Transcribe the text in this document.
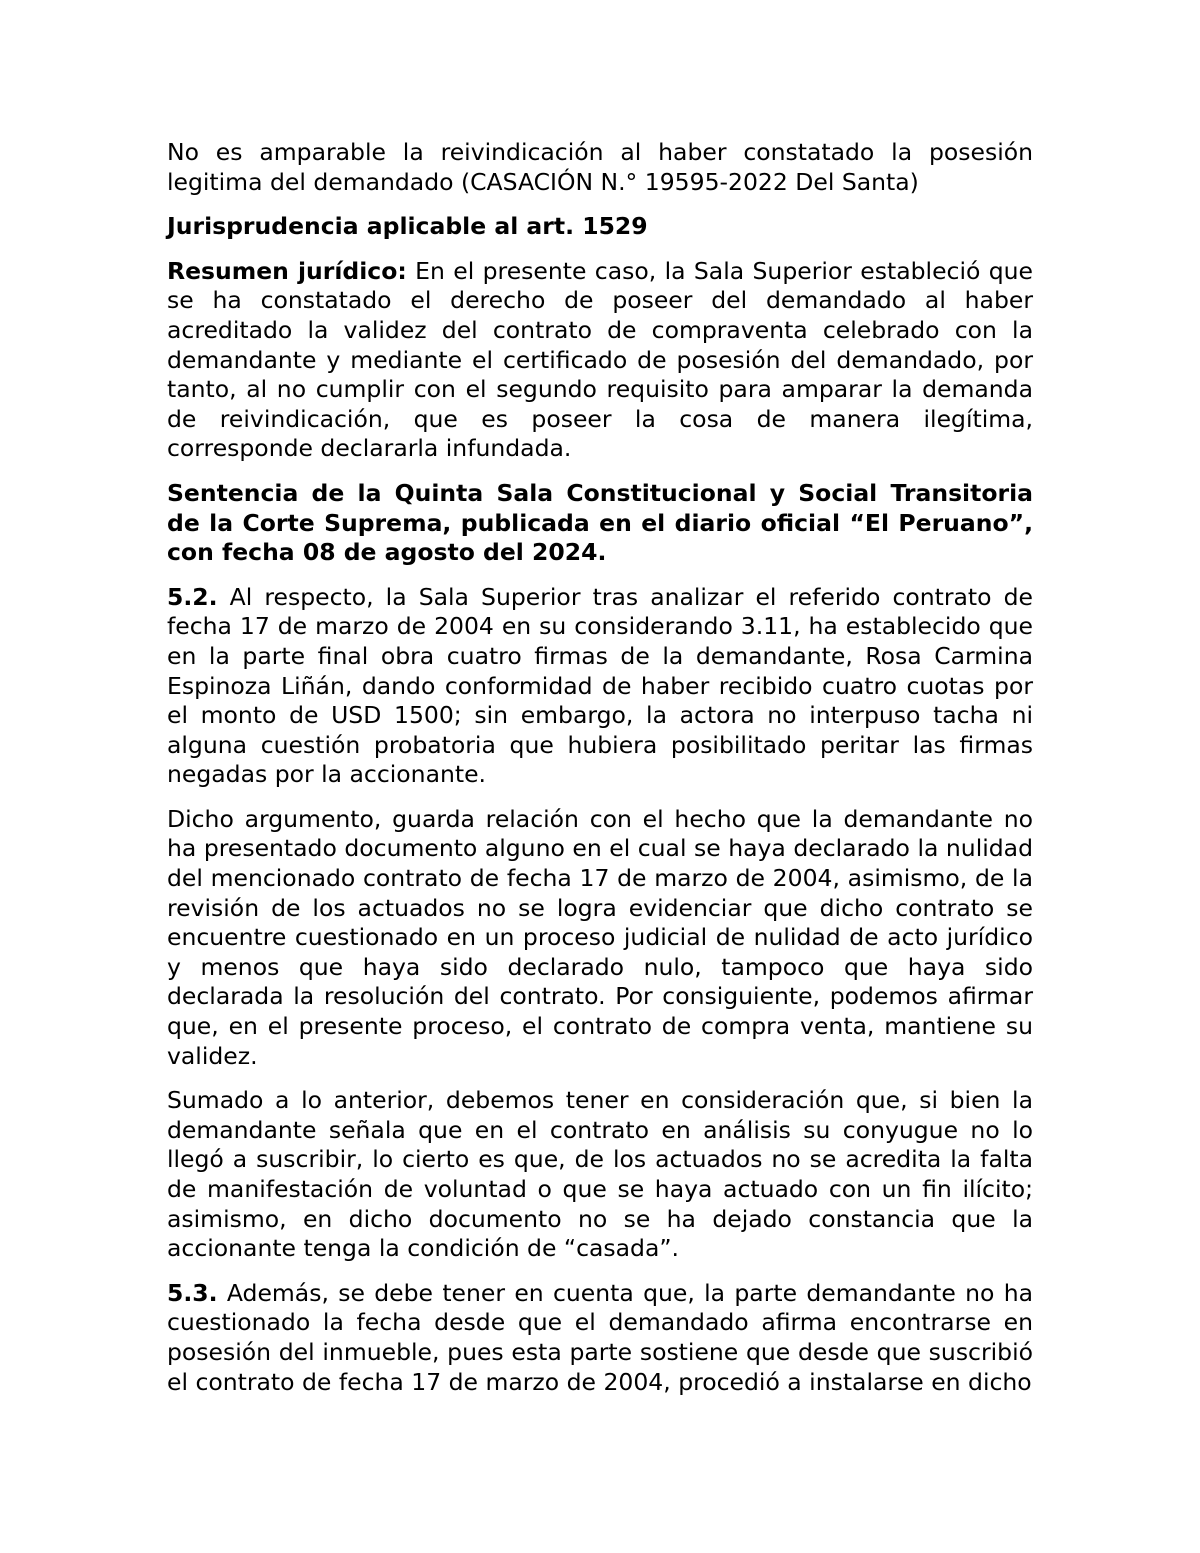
No es amparable la reivindicación al haber constatado la posesión legitima del demandado (CASACIÓN N.° 19595-2022 Del Santa)

Jurisprudencia aplicable al art. 1529

Resumen jurídico: En el presente caso, la Sala Superior estableció que se ha constatado el derecho de poseer del demandado al haber acreditado la validez del contrato de compraventa celebrado con la demandante y mediante el certificado de posesión del demandado, por tanto, al no cumplir con el segundo requisito para amparar la demanda de reivindicación, que es poseer la cosa de manera ilegítima, corresponde declararla infundada.

Sentencia de la Quinta Sala Constitucional y Social Transitoria de la Corte Suprema, publicada en el diario oficial “El Peruano”, con fecha 08 de agosto del 2024.

5.2. Al respecto, la Sala Superior tras analizar el referido contrato de fecha 17 de marzo de 2004 en su considerando 3.11, ha establecido que en la parte final obra cuatro firmas de la demandante, Rosa Carmina Espinoza Liñán, dando conformidad de haber recibido cuatro cuotas por el monto de USD 1500; sin embargo, la actora no interpuso tacha ni alguna cuestión probatoria que hubiera posibilitado peritar las firmas negadas por la accionante.

Dicho argumento, guarda relación con el hecho que la demandante no ha presentado documento alguno en el cual se haya declarado la nulidad del mencionado contrato de fecha 17 de marzo de 2004, asimismo, de la revisión de los actuados no se logra evidenciar que dicho contrato se encuentre cuestionado en un proceso judicial de nulidad de acto jurídico y menos que haya sido declarado nulo, tampoco que haya sido declarada la resolución del contrato. Por consiguiente, podemos afirmar que, en el presente proceso, el contrato de compra venta, mantiene su validez.

Sumado a lo anterior, debemos tener en consideración que, si bien la demandante señala que en el contrato en análisis su conyugue no lo llegó a suscribir, lo cierto es que, de los actuados no se acredita la falta de manifestación de voluntad o que se haya actuado con un fin ilícito; asimismo, en dicho documento no se ha dejado constancia que la accionante tenga la condición de “casada”.

5.3. Además, se debe tener en cuenta que, la parte demandante no ha cuestionado la fecha desde que el demandado afirma encontrarse en posesión del inmueble, pues esta parte sostiene que desde que suscribió el contrato de fecha 17 de marzo de 2004, procedió a instalarse en dicho
